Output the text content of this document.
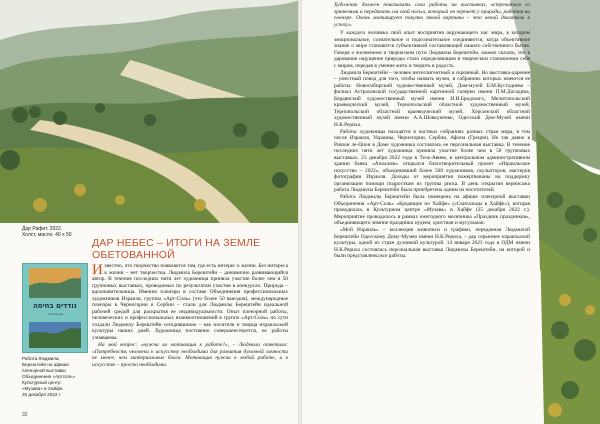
Дар Рафит. 2022.
Холст, масло. 40 х 50
ДАР НЕБЕС – ИТОГИ НА ЗЕМЛЕ ОБЕТОВАННОЙ
נודדים בחיפה
תערוכת ציור
Работа Людмилы
Берештейн на афише
пленэрной выставки
Объединения «Артсоль»
Культурный центр
«Музава» в Хайфе.
25 декабря 2022 г.

Известно, что творчество появляется там, где есть интерес к жизни. Без интереса к жизни – нет творчества. Людмила Берештейн – динамично развивающийся автор. В течение последних пяти лет художница приняла участие более чем в 50 групповых выставках, проводимых по результатам участия в конкурсах. Природа – вдохновительница. Именно пленэры в составе Объединения профессиональных художников Израиля, группы «Арт-Соль» (это более 50 выездов), международные пленэры в Черногории и Сербии – стали для Людмилы Берештейн идеальной рабочей средой для раскрытия ее индивидуальности. Опыт пленэрной работы, человеческих и профессиональных взаимоотношений в группе «Арт-Соль» по сути создали Людмилу Берештейн сегодняшнюю – как носителя и творца израильской культуры наших дней. Художница постоянно совершенствуется, ее работы узнаваемы.

На мой вопрос: «нужна ли мотивация к работе?», – Людмила ответила: «Потребность человека к искусству необходима для развития духовной личности не менее, чем материальные блага. Мотивация нужна в любой работе, и в искусстве – просто необходима.

32

Художник должен показывать свои работы на выставках, встречаться со зрителями и передавать им свой посыл, который он черпает у природы, работая на пленэре. Очень мотивирует покупка твоей картины – это некий двигатель к успеху».

У каждого человека свой опыт восприятия окружающего нас мира, в котором эмоциональное, сознательное и подсознательное соединяются, когда объективное знание о мире становится субъективной составляющей нашего собственного бытия. Говоря о жизненном и творческом пути Людмилы Берештейн, можно сказать, что в дарование ощущение природы стало определяющим в творческом становлении себя с миром, передав в умение жить и творить в радость.

Людмила Берештейн – человек интеллигентный и скромный. Но выставка-дарение – уместный повод для того, чтобы назвать музеи, в собраниях которых имеются ее работы: Новосибирский художественный музей, Дом-музей Б.М.Кустодиева – филиал Астраханской государственной картинной галереи имени П.М.Догадина, Бердянский художественный музей имени И.И.Бродского, Мелитопольский краеведческий музей, Тернопольский областной художественный музей, Тернопольский областной краеведческий музей, Херсонский областной художественный музей имени А.А.Шовкуненко, Одесский Дом-Музей имени Н.К.Рериха.

Работы художницы находятся в частных собраниях разных стран мира, в том числе Израиля, Украины, Черногории, Сербии, Афона (Греция). Не так давно в Ришон ле-Цион в Доме художника состоялась ее персональная выставка. В течение последних пяти лет художница приняла участие более чем в 50 групповых выставках. 23 декабря 2022 года в Тель-Авиве, в центральном административном здании банка «Апоалим» открылся благотворительный проект «Израильское искусство – 2022», объединивший более 500 художников, скульпторов, мастеров фотографии Израиля. Доходы от мероприятия пожертвованы на поддержку организации помощи подросткам из группы риска. В день открытия вернисажа работа Людмилы Берештейн была приобретена одним из посетителей.

Работа Людмилы Берештейн была помещена на афише пленэрной выставки Объединения «Арт-Соль» «Бродящие по Хайфе» («Скитальцы в Хайфе»), которая проводилась в Культурном центре «Музава» в Хайфе (25 декабря 2022 г.). Мероприятие проводилось в рамках ежегодного месячника «Праздник праздников», объединяющего зимние праздники иудеев, христиан и мусульман.

«Мой Израиль» – коллекция живописи и графики, переданная Людмилой Берештейн Одесскому Дому-Музею имени Н.К.Рериха, – дар серьезнее израильской культуры, одной из стран духовной культурой. 14 января 2023 года в ОДМ имени Н.К.Рериха состоялась персональная выставка Людмилы Берештейн, на которой и были представлены все работы.
